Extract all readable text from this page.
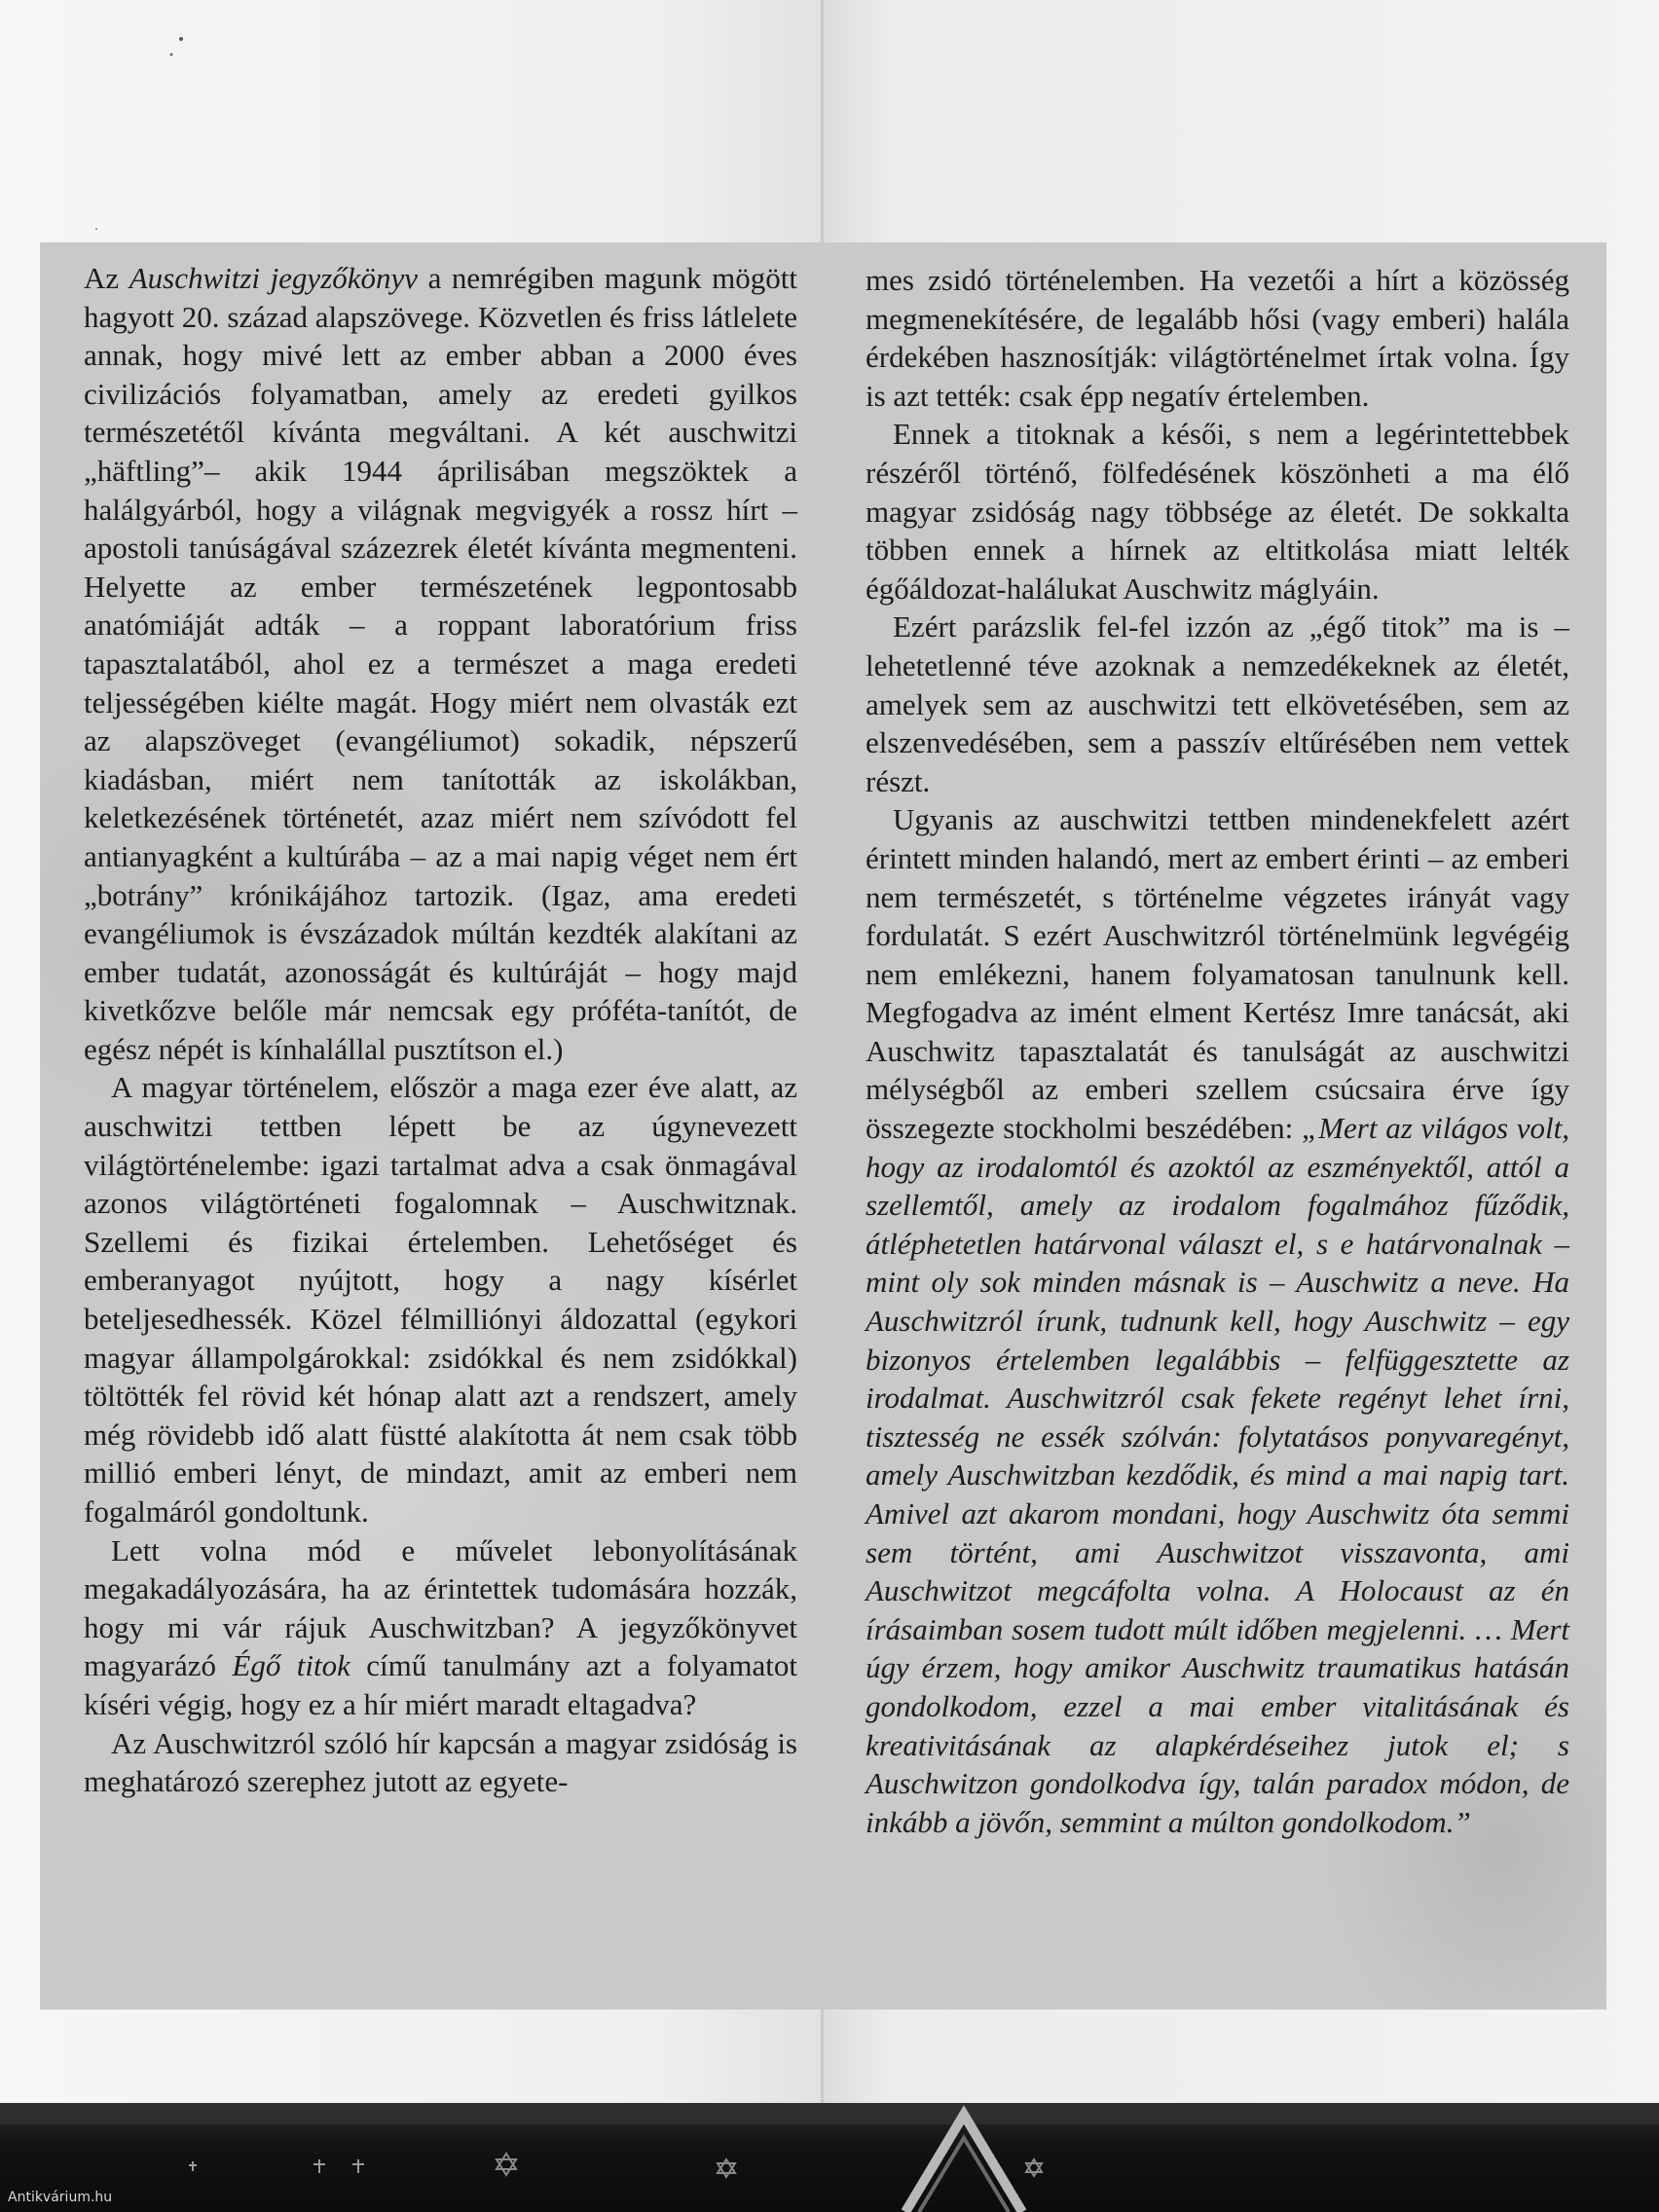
Az Auschwitzi jegyzőkönyv a nemrégiben magunk mögött hagyott 20. század alapszövege. Közvetlen és friss látlelete annak, hogy mivé lett az ember abban a 2000 éves civilizációs folyamatban, amely az eredeti gyilkos természetétől kívánta megváltani. A két auschwitzi „häftling”– akik 1944 áprilisában megszöktek a halálgyárból, hogy a világnak megvigyék a rossz hírt – apostoli tanúságával százezrek életét kívánta megmenteni. Helyette az ember természetének legpontosabb anatómiáját adták – a roppant laboratórium friss tapasztalatából, ahol ez a természet a maga eredeti teljességében kiélte magát. Hogy miért nem olvasták ezt az alapszöveget (evangéliumot) sokadik, népszerű kiadásban, miért nem tanították az iskolákban, keletkezésének történetét, azaz miért nem szívódott fel antianyagként a kultúrába – az a mai napig véget nem ért „botrány” krónikájához tartozik. (Igaz, ama eredeti evangéliumok is évszázadok múltán kezdték alakítani az ember tudatát, azonosságát és kultúráját – hogy majd kivetkőzve belőle már nemcsak egy próféta-tanítót, de egész népét is kínhalállal pusztítson el.)

A magyar történelem, először a maga ezer éve alatt, az auschwitzi tettben lépett be az úgynevezett világtörténelembe: igazi tartalmat adva a csak önmagával azonos világtörténeti fogalomnak – Auschwitznak. Szellemi és fizikai értelemben. Lehetőséget és emberanyagot nyújtott, hogy a nagy kísérlet beteljesedhessék. Közel félmilliónyi áldozattal (egykori magyar állampolgárokkal: zsidókkal és nem zsidókkal) töltötték fel rövid két hónap alatt azt a rendszert, amely még rövidebb idő alatt füstté alakította át nem csak több millió emberi lényt, de mindazt, amit az emberi nem fogalmáról gondoltunk.

Lett volna mód e művelet lebonyolításának megakadályozására, ha az érintettek tudomására hozzák, hogy mi vár rájuk Auschwitzban? A jegyzőkönyvet magyarázó Égő titok című tanulmány azt a folyamatot kíséri végig, hogy ez a hír miért maradt eltagadva?

Az Auschwitzról szóló hír kapcsán a magyar zsidóság is meghatározó szerephez jutott az egyete-

mes zsidó történelemben. Ha vezetői a hírt a közösség megmenekítésére, de legalább hősi (vagy emberi) halála érdekében hasznosítják: világtörténelmet írtak volna. Így is azt tették: csak épp negatív értelemben.

Ennek a titoknak a késői, s nem a legérintettebbek részéről történő, fölfedésének köszönheti a ma élő magyar zsidóság nagy többsége az életét. De sokkalta többen ennek a hírnek az eltitkolása miatt lelték égőáldozat-halálukat Auschwitz máglyáin.

Ezért parázslik fel-fel izzón az „égő titok” ma is – lehetetlenné téve azoknak a nemzedékeknek az életét, amelyek sem az auschwitzi tett elkövetésében, sem az elszenvedésében, sem a passzív eltűrésében nem vettek részt.

Ugyanis az auschwitzi tettben mindenekfelett azért érintett minden halandó, mert az embert érinti – az emberi nem természetét, s történelme végzetes irányát vagy fordulatát. S ezért Auschwitzról történelmünk legvégéig nem emlékezni, hanem folyamatosan tanulnunk kell. Megfogadva az imént elment Kertész Imre tanácsát, aki Auschwitz tapasztalatát és tanulságát az auschwitzi mélységből az emberi szellem csúcsaira érve így összegezte stockholmi beszédében: „Mert az világos volt, hogy az irodalomtól és azoktól az eszményektől, attól a szellemtől, amely az irodalom fogalmához fűződik, átléphetetlen határvonal választ el, s e határvonalnak – mint oly sok minden másnak is – Auschwitz a neve. Ha Auschwitzról írunk, tudnunk kell, hogy Auschwitz – egy bizonyos értelemben legalábbis – felfüggesztette az irodalmat. Auschwitzról csak fekete regényt lehet írni, tisztesség ne essék szólván: folytatásos ponyvaregényt, amely Auschwitzban kezdődik, és mind a mai napig tart. Amivel azt akarom mondani, hogy Auschwitz óta semmi sem történt, ami Auschwitzot visszavonta, ami Auschwitzot megcáfolta volna. A Holocaust az én írásaimban sosem tudott múlt időben megjelenni. … Mert úgy érzem, hogy amikor Auschwitz traumatikus hatásán gondolkodom, ezzel a mai ember vitalitásának és kreativitásának az alapkérdéseihez jutok el; s Auschwitzon gondolkodva így, talán paradox módon, de inkább a jövőn, semmint a múlton gondolkodom.”

Antikvárium.hu
